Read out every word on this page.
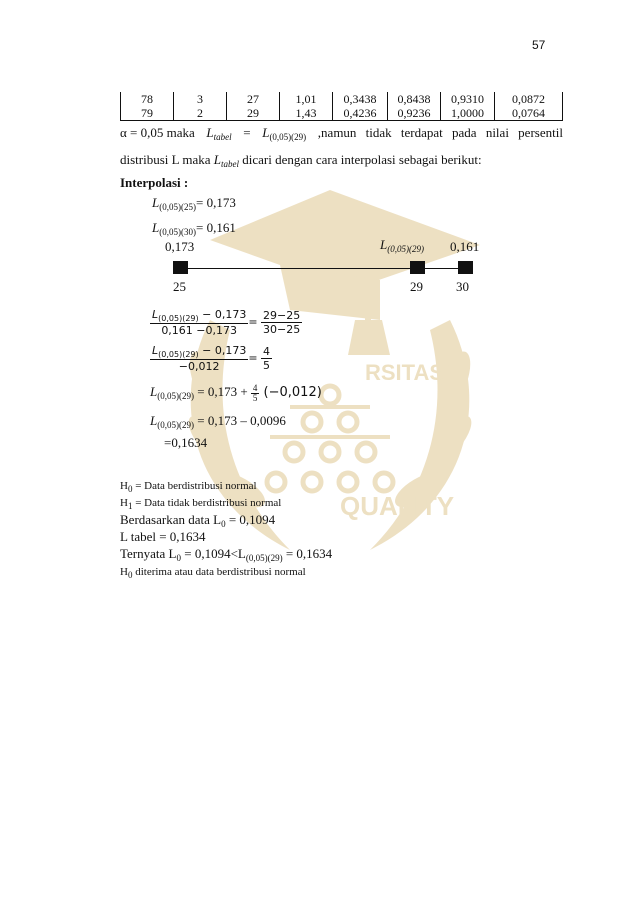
57
RSITAS
QUALITY
78	3	27	1,01	0,3438	0,8438	0,9310	0,0872
79	2	29	1,43	0,4236	0,9236	1,0000	0,0764
α = 0,05 maka $L_{tabel} = L_{(0,05)(29)}$ ,namun tidak terdapat pada nilai persentil
distribusi L maka $L_{tabel}$ dicari dengan cara interpolasi sebagai berikut:
Interpolasi :
$L_{(0,05)(25)}= 0,173$
$L_{(0,05)(30)}= 0,161$
0,173	$L_{(0,05)(29)}$ 0,161
25	29	30
$\frac{L_{(0,05)(29)} - 0,173}{0,161 -0,173} = \frac{29-25}{30-25}$
$\frac{L_{(0,05)(29)} - 0,173}{-0,012} = \frac{4}{5}$
$L_{(0,05)(29)} = 0,173 + \frac{4}{5} (-0,012)$
$L_{(0,05)(29)} = 0,173 - 0,0096$
=0,1634
$H_0$ = Data berdistribusi normal
$H_1$ = Data tidak berdistribusi normal
Berdasarkan data $L_0 = 0,1094$
L tabel = 0,1634
Ternyata $L_0 = 0,1094<L_{(0,05)(29)} = 0,1634$
$H_0$ diterima atau data berdistribusi normal
